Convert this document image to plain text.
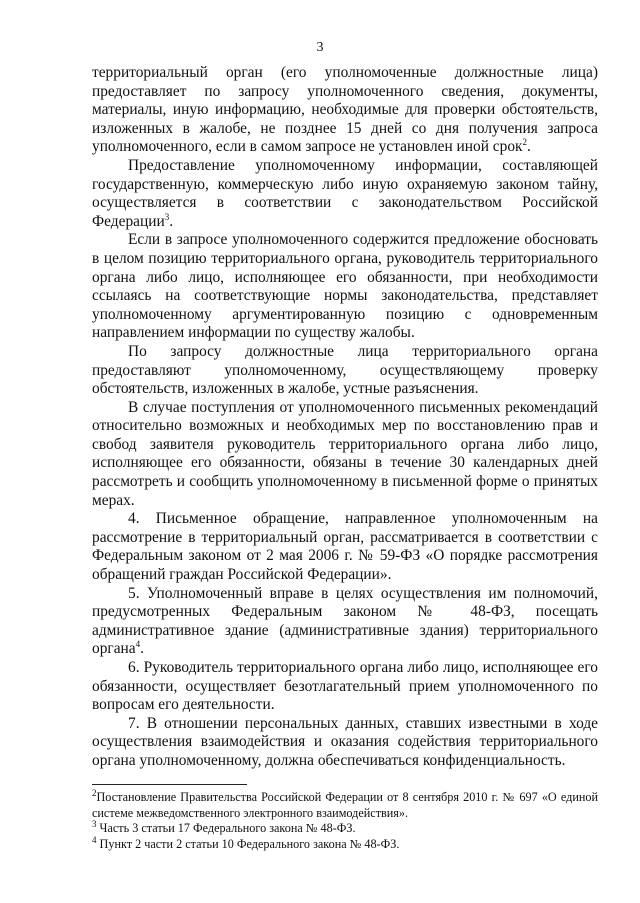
3

территориальный орган (его уполномоченные должностные лица) предоставляет по запросу уполномоченного сведения, документы, материалы, иную информацию, необходимые для проверки обстоятельств, изложенных в жалобе, не позднее 15 дней со дня получения запроса уполномоченного, если в самом запросе не установлен иной срок$^2$.

Предоставление уполномоченному информации, составляющей государственную, коммерческую либо иную охраняемую законом тайну, осуществляется в соответствии с законодательством Российской Федерации$^3$.

Если в запросе уполномоченного содержится предложение обосновать в целом позицию территориального органа, руководитель территориального органа либо лицо, исполняющее его обязанности, при необходимости ссылаясь на соответствующие нормы законодательства, представляет уполномоченному аргументированную позицию с одновременным направлением информации по существу жалобы.

По запросу должностные лица территориального органа предоставляют уполномоченному, осуществляющему проверку обстоятельств, изложенных в жалобе, устные разъяснения.

В случае поступления от уполномоченного письменных рекомендаций относительно возможных и необходимых мер по восстановлению прав и свобод заявителя руководитель территориального органа либо лицо, исполняющее его обязанности, обязаны в течение 30 календарных дней рассмотреть и сообщить уполномоченному в письменной форме о принятых мерах.

4. Письменное обращение, направленное уполномоченным на рассмотрение в территориальный орган, рассматривается в соответствии с Федеральным законом от 2 мая 2006 г. № 59-ФЗ «О порядке рассмотрения обращений граждан Российской Федерации».

5. Уполномоченный вправе в целях осуществления им полномочий, предусмотренных Федеральным законом № 48-ФЗ, посещать административное здание (административные здания) территориального органа$^4$.

6. Руководитель территориального органа либо лицо, исполняющее его обязанности, осуществляет безотлагательный прием уполномоченного по вопросам его деятельности.

7. В отношении персональных данных, ставших известными в ходе осуществления взаимодействия и оказания содействия территориального органа уполномоченному, должна обеспечиваться конфиденциальность.

$^2$Постановление Правительства Российской Федерации от 8 сентября 2010 г. № 697 «О единой системе межведомственного электронного взаимодействия».

$^3$ Часть 3 статьи 17 Федерального закона № 48-ФЗ.

$^4$ Пункт 2 части 2 статьи 10 Федерального закона № 48-ФЗ.
